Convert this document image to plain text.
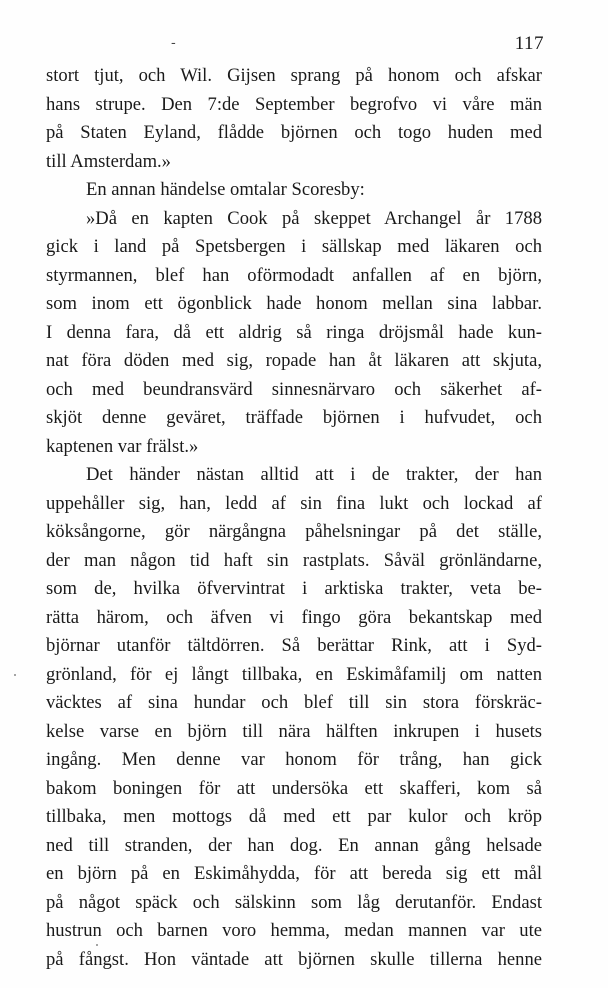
-	117
stort tjut, och Wil. Gijsen sprang på honom och afskar
hans strupe. Den 7:de September begrofvo vi våre män
på Staten Eyland, flådde björnen och togo huden med
till Amsterdam.»
En annan händelse omtalar Scoresby:
»Då en kapten Cook på skeppet Archangel år 1788
gick i land på Spetsbergen i sällskap med läkaren och
styrmannen, blef han oförmodadt anfallen af en björn,
som inom ett ögonblick hade honom mellan sina labbar.
I denna fara, då ett aldrig så ringa dröjsmål hade kun-
nat föra döden med sig, ropade han åt läkaren att skjuta,
och med beundransvärd sinnesnärvaro och säkerhet af-
skjöt denne geväret, träffade björnen i hufvudet, och
kaptenen var frälst.»
Det händer nästan alltid att i de trakter, der han
uppehåller sig, han, ledd af sin fina lukt och lockad af
köksångorne, gör närgångna påhelsningar på det ställe,
der man någon tid haft sin rastplats. Såväl grönländarne,
som de, hvilka öfvervintrat i arktiska trakter, veta be-
rätta härom, och äfven vi fingo göra bekantskap med
björnar utanför tältdörren. Så berättar Rink, att i Syd-
grönland, för ej långt tillbaka, en Eskimåfamilj om natten
väcktes af sina hundar och blef till sin stora förskräc-
kelse varse en björn till nära hälften inkrupen i husets
ingång. Men denne var honom för trång, han gick
bakom boningen för att undersöka ett skafferi, kom så
tillbaka, men mottogs då med ett par kulor och kröp
ned till stranden, der han dog. En annan gång helsade
en björn på en Eskimåhydda, för att bereda sig ett mål
på något späck och sälskinn som låg derutanför. Endast
hustrun och barnen voro hemma, medan mannen var ute
på fångst. Hon väntade att björnen skulle tillerna henne
